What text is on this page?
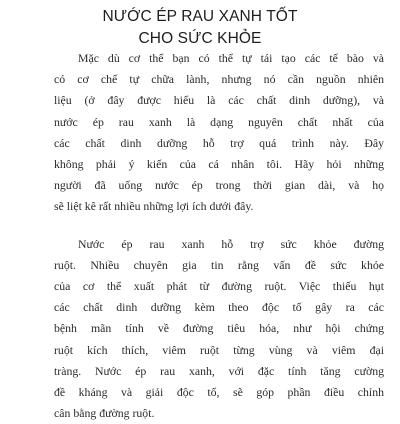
NƯỚC ÉP RAU XANH TỐT
CHO SỨC KHỎE

Mặc dù cơ thể bạn có thể tự tái tạo các tế bào và
có cơ chế tự chữa lành, nhưng nó cần nguồn nhiên
liệu (ở đây được hiểu là các chất dinh dưỡng), và
nước ép rau xanh là dạng nguyên chất nhất của
các chất dinh dưỡng hỗ trợ quá trình này. Đây
không phải ý kiến của cá nhân tôi. Hãy hỏi những
người đã uống nước ép trong thời gian dài, và họ
sẽ liệt kê rất nhiều những lợi ích dưới đây.

Nước ép rau xanh hỗ trợ sức khỏe đường
ruột. Nhiều chuyên gia tin rằng vấn đề sức khỏe
của cơ thể xuất phát từ đường ruột. Việc thiếu hụt
các chất dinh dưỡng kèm theo độc tố gây ra các
bệnh mãn tính về đường tiêu hóa, như hội chứng
ruột kích thích, viêm ruột từng vùng và viêm đại
tràng. Nước ép rau xanh, với đặc tính tăng cường
đề kháng và giải độc tố, sẽ góp phần điều chỉnh
cân bằng đường ruột.
